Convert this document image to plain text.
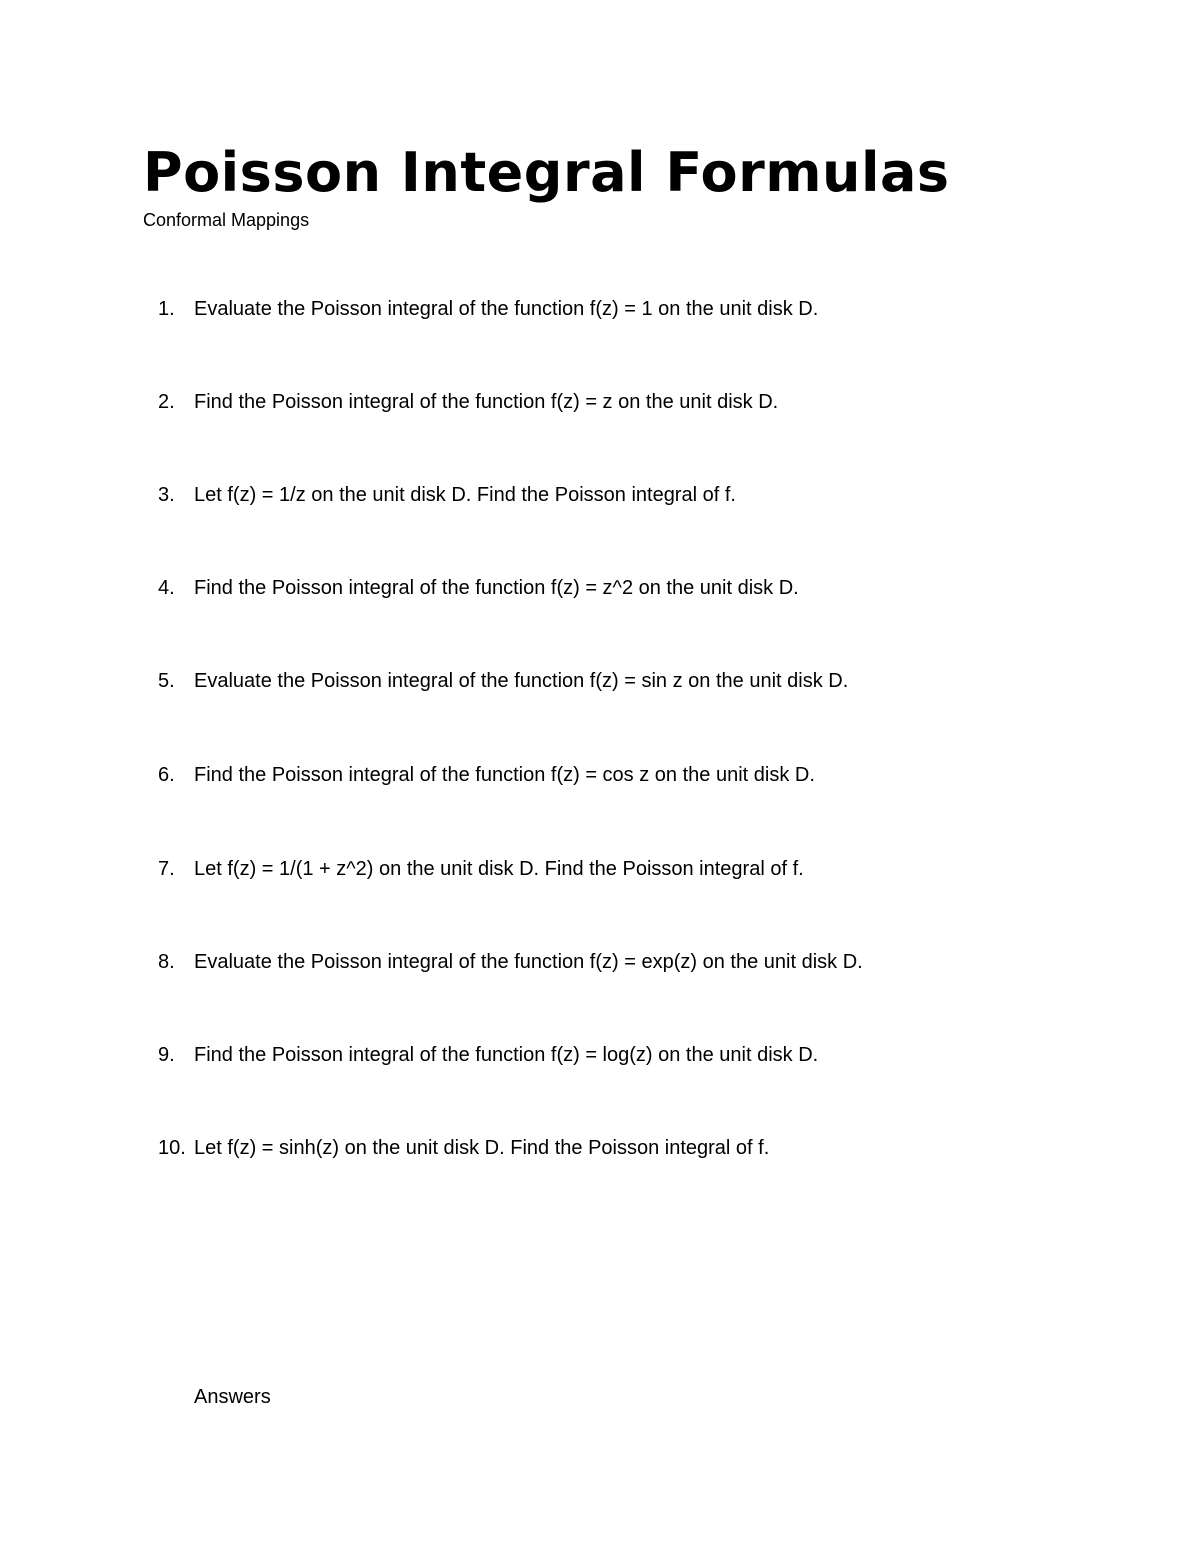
Poisson Integral Formulas

Conformal Mappings

1. Evaluate the Poisson integral of the function f(z) = 1 on the unit disk D.
2. Find the Poisson integral of the function f(z) = z on the unit disk D.
3. Let f(z) = 1/z on the unit disk D. Find the Poisson integral of f.
4. Find the Poisson integral of the function f(z) = z^2 on the unit disk D.
5. Evaluate the Poisson integral of the function f(z) = sin z on the unit disk D.
6. Find the Poisson integral of the function f(z) = cos z on the unit disk D.
7. Let f(z) = 1/(1 + z^2) on the unit disk D. Find the Poisson integral of f.
8. Evaluate the Poisson integral of the function f(z) = exp(z) on the unit disk D.
9. Find the Poisson integral of the function f(z) = log(z) on the unit disk D.
10. Let f(z) = sinh(z) on the unit disk D. Find the Poisson integral of f.

Answers
